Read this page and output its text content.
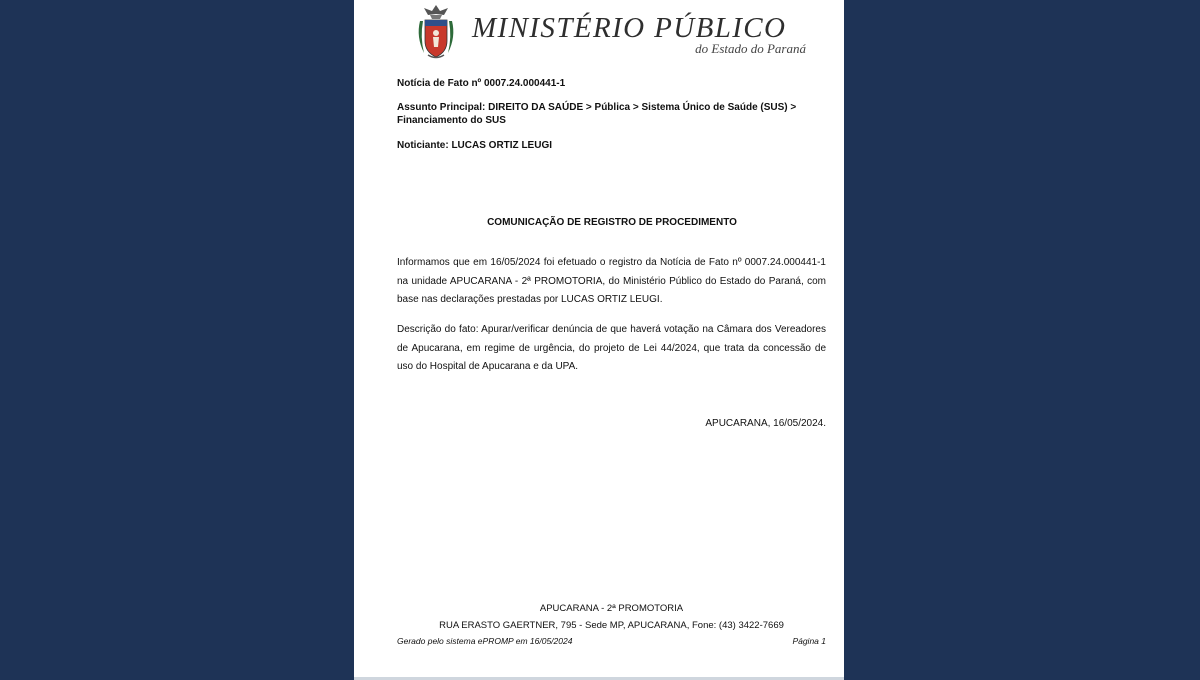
MINISTÉRIO PÚBLICO
do Estado do Paraná
Notícia de Fato nº 0007.24.000441-1
Assunto Principal: DIREITO DA SAÚDE > Pública > Sistema Único de Saúde (SUS) > Financiamento do SUS
Noticiante: LUCAS ORTIZ LEUGI
COMUNICAÇÃO DE REGISTRO DE PROCEDIMENTO
Informamos que em 16/05/2024 foi efetuado o registro da Notícia de Fato nº 0007.24.000441-1 na unidade APUCARANA - 2ª PROMOTORIA, do Ministério Público do Estado do Paraná, com base nas declarações prestadas por LUCAS ORTIZ LEUGI.
Descrição do fato: Apurar/verificar denúncia de que haverá votação na Câmara dos Vereadores de Apucarana, em regime de urgência, do projeto de Lei 44/2024, que trata da concessão de uso do Hospital de Apucarana e da UPA.
APUCARANA, 16/05/2024.
APUCARANA - 2ª PROMOTORIA
RUA ERASTO GAERTNER, 795 - Sede MP, APUCARANA, Fone: (43) 3422-7669
Gerado pelo sistema ePROMP em 16/05/2024	Página 1
